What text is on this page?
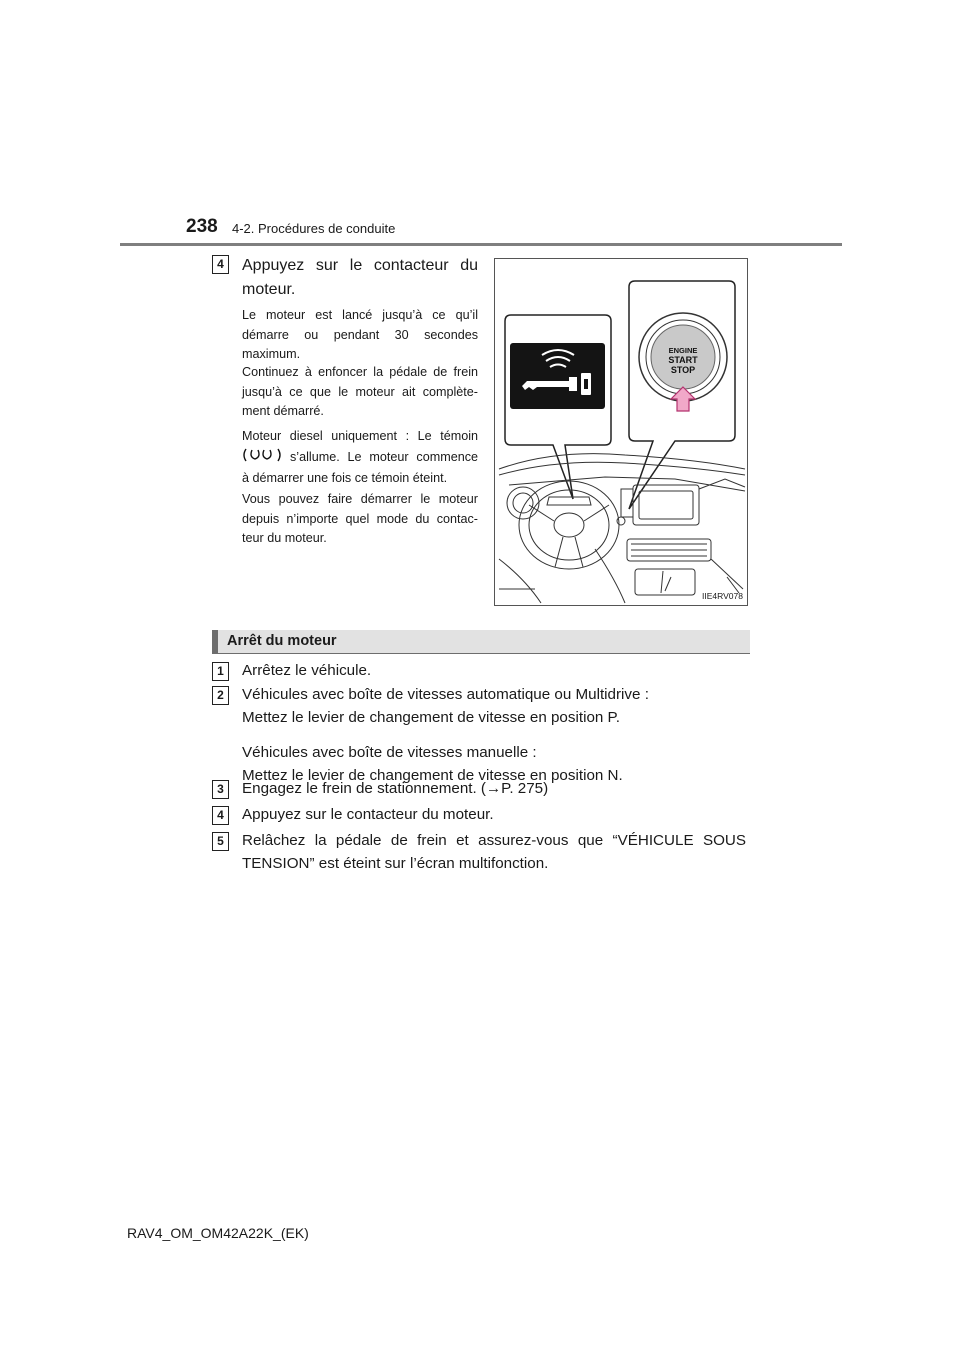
238 4-2. Procédures de conduite
4	Appuyez sur le contacteur du
moteur.
Le moteur est lancé jusqu’à ce qu’il démarre ou pendant 30 secondes maximum.
Continuez à enfoncer la pédale de frein jusqu’à ce que le moteur ait complète-ment démarré.
Moteur diesel uniquement : Le témoin
s’allume. Le moteur commence
à démarrer une fois ce témoin éteint.
Vous pouvez faire démarrer le moteur depuis n’importe quel mode du contac-teur du moteur.
ENGINE
START
STOP
IIE4RV078
Arrêt du moteur
1	Arrêtez le véhicule.
2	Véhicules avec boîte de vitesses automatique ou Multidrive :
Mettez le levier de changement de vitesse en position P.
Véhicules avec boîte de vitesses manuelle :
Mettez le levier de changement de vitesse en position N.
3	Engagez le frein de stationnement. (→P. 275)
4	Appuyez sur le contacteur du moteur.
5	Relâchez la pédale de frein et assurez-vous que “VÉHICULE SOUS TENSION” est éteint sur l’écran multifonction.
RAV4_OM_OM42A22K_(EK)
